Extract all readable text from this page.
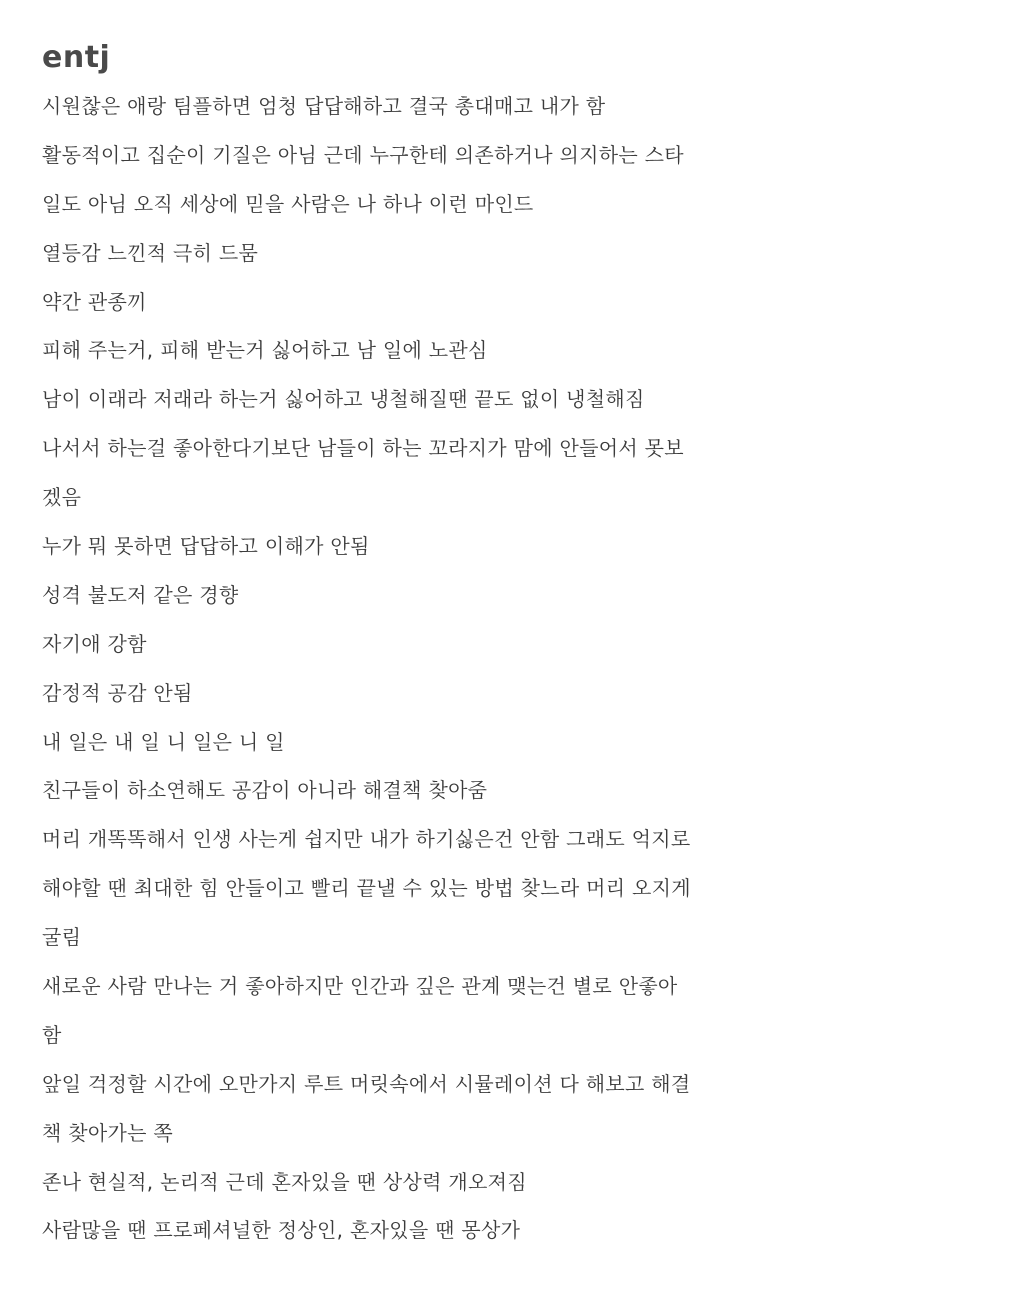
entj
시원찮은 애랑 팀플하면 엄청 답답해하고 결국 총대매고 내가 함
활동적이고 집순이 기질은 아님 근데 누구한테 의존하거나 의지하는 스타
일도 아님 오직 세상에 믿을 사람은 나 하나 이런 마인드
열등감 느낀적 극히 드뭄
약간 관종끼
피해 주는거, 피해 받는거 싫어하고 남 일에 노관심
남이 이래라 저래라 하는거 싫어하고 냉철해질땐 끝도 없이 냉철해짐
나서서 하는걸 좋아한다기보단 남들이 하는 꼬라지가 맘에 안들어서 못보
겠음
누가 뭐 못하면 답답하고 이해가 안됨
성격 불도저 같은 경향
자기애 강함
감정적 공감 안됨
내 일은 내 일 니 일은 니 일
친구들이 하소연해도 공감이 아니라 해결책 찾아줌
머리 개똑똑해서 인생 사는게 쉽지만 내가 하기싫은건 안함 그래도 억지로
해야할 땐 최대한 힘 안들이고 빨리 끝낼 수 있는 방법 찾느라 머리 오지게
굴림
새로운 사람 만나는 거 좋아하지만 인간과 깊은 관계 맺는건 별로 안좋아
함
앞일 걱정할 시간에 오만가지 루트 머릿속에서 시뮬레이션 다 해보고 해결
책 찾아가는 쪽
존나 현실적, 논리적 근데 혼자있을 땐 상상력 개오져짐
사람많을 땐 프로페셔널한 정상인, 혼자있을 땐 몽상가
